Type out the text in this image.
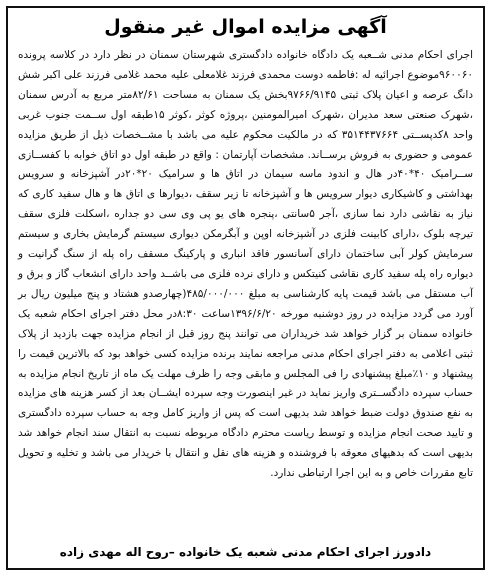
آگهی مزایده اموال غیر منقول

اجرای احکام مدنی شــعبه یک دادگاه خانواده دادگستری شهرستان سمنان در نظر دارد در کلاسه پرونده ۹۶۰۰۶۰موضوع اجرائیه له :فاطمه دوست محمدی فرزند غلامعلی علیه محمد غلامی فرزند علی اکبر شش دانگ عرصه و اعیان پلاک ثبتی ۹۷۶۶/۹۱۴۵بخش یک سمنان به مساحت ۸۲/۶۱متر مربع به آدرس سمنان ،شهرک صنعتی سعد مدیران ،شهرک امیرالمومنین ،پروژه کوثر ،کوثر ۱۵طبقه اول ســمت جنوب غربی واحد ۸کدپســتی ۳۵۱۴۴۳۷۶۶۴ که در مالکیت محکوم علیه می باشد با مشــخصات ذیل از طریق مزایده عمومی و حضوری به فروش برســاند. مشخصات آپارتمان : واقع در طبقه اول دو اتاق خوابه با کفســازی ســرامیک ۴۰*۴۰در هال و اندود ماسه سیمان در اتاق ها و سرامیک ۲۰*۲۰در آشپزخانه و سرویس بهداشتی و کاشیکاری دیوار سرویس ها و آشپزخانه تا زیر سقف ،دیوارها ی اتاق ها و هال سفید کاری که نیاز به نقاشی دارد نما سازی ،آجر ۵سانتی ،پنجره های یو پی وی سی دو جداره ،اسکلت فلزی سقف تیرچه بلوک ،دارای کابینت فلزی در آشپزخانه اوپن و آبگرمکن دیواری سیستم گرمایش بخاری و سیستم سرمایش کولر آبی ساختمان دارای آسانسور فاقد انباری و پارکینگ مسقف راه پله از سنگ گرانیت و دیواره راه پله سفید کاری نقاشی کنیتکس و دارای نرده فلزی می باشــد واحد دارای انشعاب گاز و برق و آب مستقل می باشد قیمت پایه کارشناسی به مبلغ ۴۸۵/۰۰۰/۰۰۰(چهارصدو هشتاد و پنج میلیون ریال بر آورد می گردد مزایده در روز دوشنبه مورخه ۱۳۹۶/۶/۲۰ساعت ۸:۳۰در محل دفتر اجرای احکام شعبه یک خانواده سمنان بر گزار خواهد شد خریداران می توانند پنج روز قبل از انجام مزایده جهت بازدید از پلاک ثبتی اعلامی به دفتر اجرای احکام مدنی مراجعه نمایند برنده مزایده کسی خواهد بود که بالاترین قیمت را پیشنهاد و ۱۰٪مبلغ پیشنهادی را فی المجلس و مابقی وجه را ظرف مهلت یک ماه از تاریخ انجام مزایده به حساب سپرده دادگســتری واریز نماید در غیر اینصورت وجه سپرده ایشــان بعد از کسر هزینه های مزایده به نفع صندوق دولت ضبط خواهد شد بدیهی است که پس از واریز کامل وجه به حساب سپرده دادگستری و تایید صحت انجام مزایده و توسط ریاست محترم دادگاه مربوطه نسبت به انتقال سند انجام خواهد شد بدیهی است که بدهیهای معوقه با فروشنده و هزینه های نقل و انتقال با خریدار می باشد و تخلیه و تحویل تابع مقررات خاص و به این اجرا ارتباطی ندارد.

دادورز اجرای احکام مدنی شعبه یک خانواده –روح اله مهدی زاده
